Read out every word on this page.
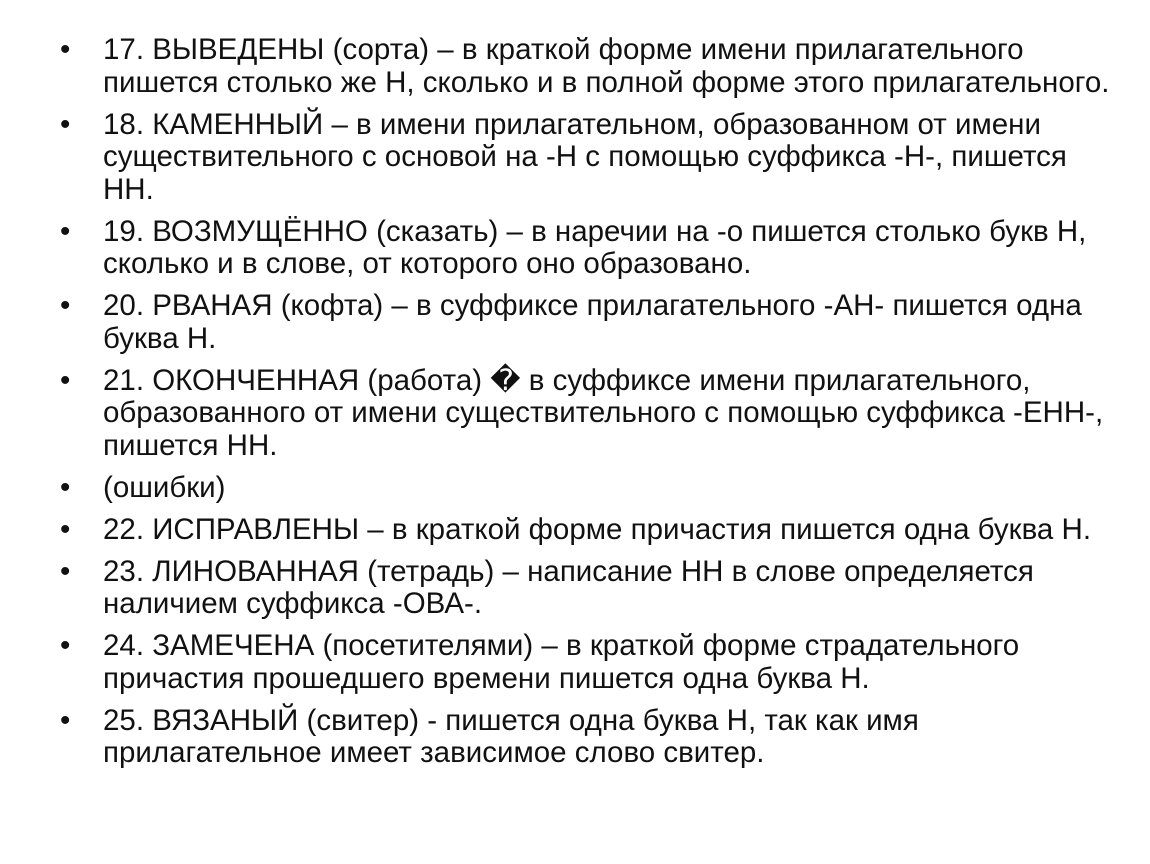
•	17. ВЫВЕДЕНЫ (сорта) – в краткой форме имени прилагательного пишется столько же Н, сколько и в полной форме этого прилагательного.
•	18. КАМЕННЫЙ – в имени прилагательном, образованном от имени существительного с основой на -Н с помощью суффикса -Н-, пишется НН.
•	19. ВОЗМУЩЁННО (сказать) – в наречии на -о пишется столько букв Н, сколько и в слове, от которого оно образовано.
•	20. РВАНАЯ (кофта) – в суффиксе прилагательного -АН- пишется одна буква Н.
•	21. ОКОНЧЕННАЯ (работа) � в суффиксе имени прилагательного, образованного от имени существительного с помощью суффикса -ЕНН-, пишется НН.
•	(ошибки)
•	22. ИСПРАВЛЕНЫ – в краткой форме причастия пишется одна буква Н.
•	23. ЛИНОВАННАЯ (тетрадь) – написание НН в слове определяется наличием суффикса -ОВА-.
•	24. ЗАМЕЧЕНА (посетителями) – в краткой форме страдательного причастия прошедшего времени пишется одна буква Н.
•	25. ВЯЗАНЫЙ (свитер) - пишется одна буква Н, так как имя прилагательное имеет зависимое слово свитер.
